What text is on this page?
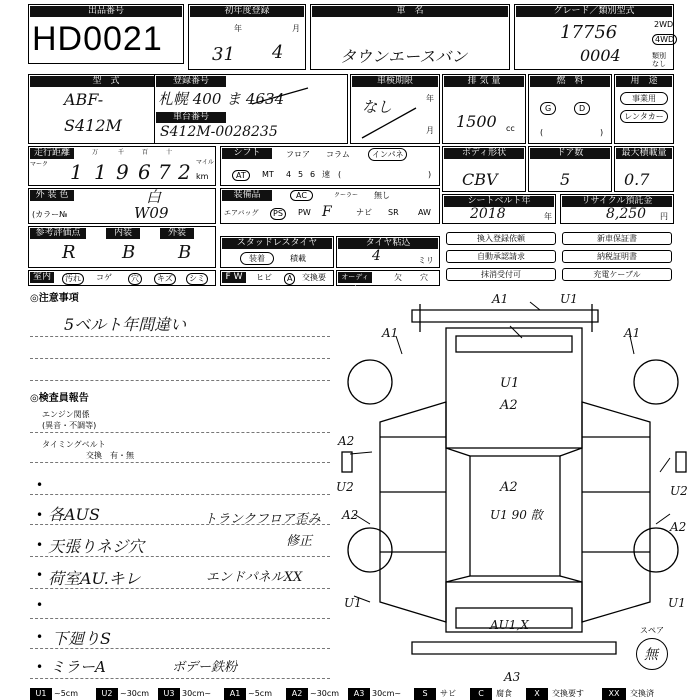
出品番号
HD0021
初年度登録
年	月
31 4
車　名
タウンエースバン
グレード／類別型式
2WD
4WD
類別なし
17756
0004
型　式
ABF-
S412M
登録番号
札幌 400 ま 4634
車台番号
S412M-0028235
車検期限
なし	年
月
排 気 量
1500 cc
燃　料
G	D
(	)
用　途
事業用
レンタカー
走行距離
マーク
万	千	百	十
マイル
km
1 1 9 6 7 2
シフト	フロア コラム	インパネ
AT	MT 4 5 6 速 (	)
ボディ形状
CBV
ドア数
5
最大積載量
0.7
外 装 色	白
(カラー№	W09
装備品	AC	クーラー 無し
エアバッグ	PS	PW F	ナビ SR AW
シートベルト年
2018	年
リサイクル預託金
8,250 円
参考評価点	内装	外装
R	B B	スタッドレスタイヤ
装着	積載
タイヤ粘込
4	ミリ
換入登録依頼
自動承認請求
抹消受付可
新車保証書
納税証明書
充電ケーブル
室内	汚れ	コゲ	穴	キズ	シミ	F W	ヒビ	A	交換要	オーディオ
欠 穴
◎注意事項
5ベルト年間違い
◎検査員報告
エンジン関係
(異音・不調等)
タイミングベルト
交換　有・無
•
• 各AUS
• 天張りネジ穴
• 荷室AU.キレ
•
• 下廻りS
• ミラーA
トランクフロア歪み
修正
エンドパネルXX
ボデー鉄粉
A1	U1
A1	A1
U1
A2
A2
U2
A2
U1
A2	U2
A2
U1 90 散
U1
AU1,X
A3
スペア
無
U1 ~5cm	U2 ~30cm	U3 30cm~	A1 ~5cm	A2 ~30cm	A3 30cm~	S	サビ	C	腐食	X	交換要す	XX	交換済
